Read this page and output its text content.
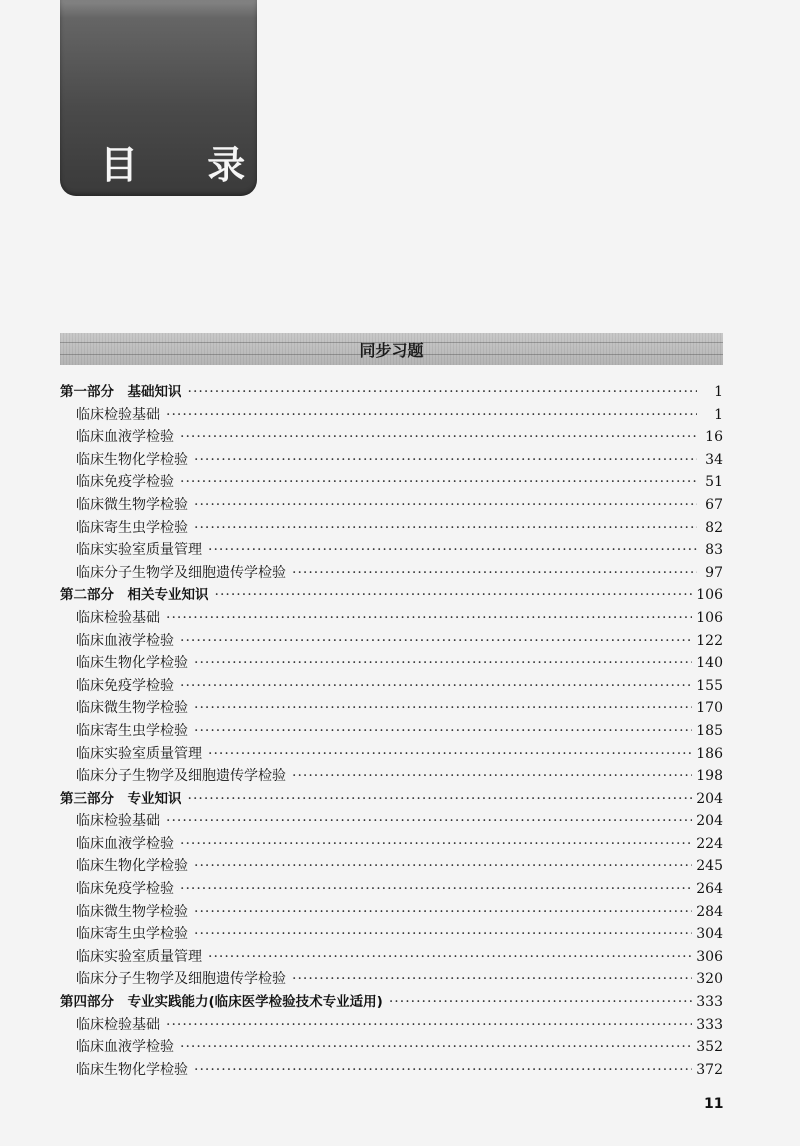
目 录
同步习题
第一部分　基础知识 ·····	1
临床检验基础 ·····	1
临床血液学检验 ·····	16
临床生物化学检验 ·····	34
临床免疫学检验 ·····	51
临床微生物学检验 ·····	67
临床寄生虫学检验 ·····	82
临床实验室质量管理 ·····	83
临床分子生物学及细胞遗传学检验 ·····	97
第二部分　相关专业知识 ·····	106
临床检验基础 ·····	106
临床血液学检验 ·····	122
临床生物化学检验 ·····	140
临床免疫学检验 ·····	155
临床微生物学检验 ·····	170
临床寄生虫学检验 ·····	185
临床实验室质量管理 ·····	186
临床分子生物学及细胞遗传学检验 ·····	198
第三部分　专业知识 ·····	204
临床检验基础 ·····	204
临床血液学检验 ·····	224
临床生物化学检验 ·····	245
临床免疫学检验 ·····	264
临床微生物学检验 ·····	284
临床寄生虫学检验 ·····	304
临床实验室质量管理 ·····	306
临床分子生物学及细胞遗传学检验 ·····	320
第四部分　专业实践能力(临床医学检验技术专业适用) ·····	333
临床检验基础 ·····	333
临床血液学检验 ·····	352
临床生物化学检验 ·····	372
11
